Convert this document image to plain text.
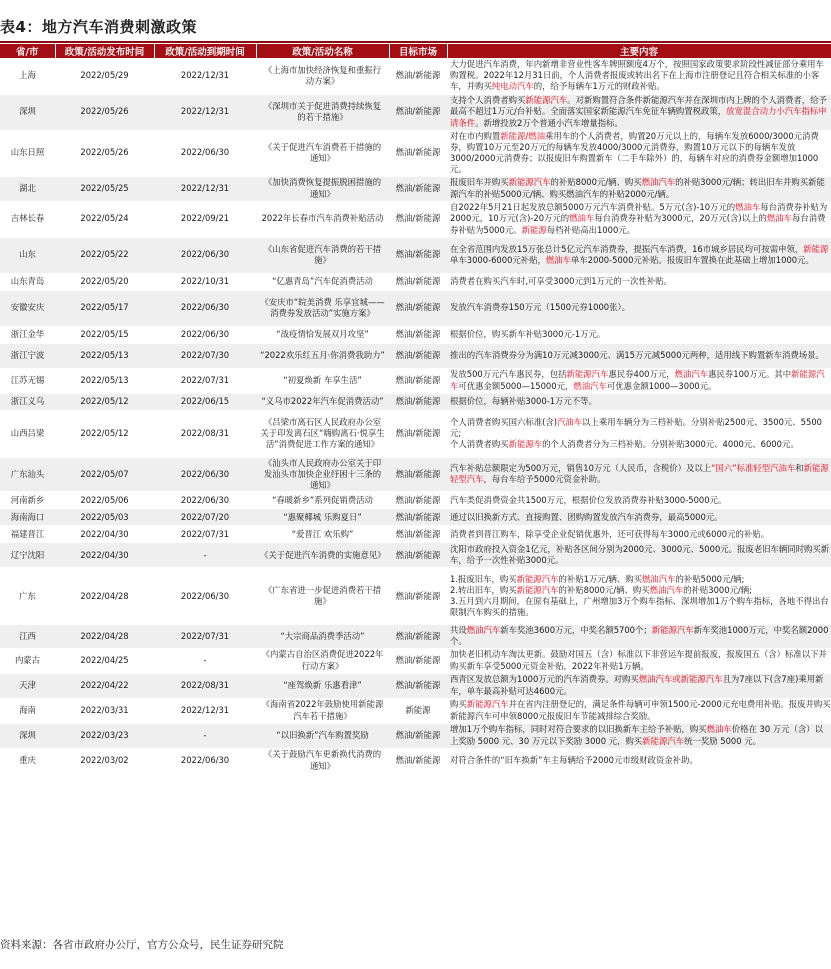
表4：地方汽车消费刺激政策
省/市	政策/活动发布时间	政策/活动到期时间	政策/活动名称	目标市场	主要内容
上海	2022/05/29	2022/12/31	《上海市加快经济恢复和重振行动方案》	燃油/新能源	大力促进汽车消费，年内新增非营业性客车牌照额度4万个，按照国家政策要求阶段性减征部分乘用车购置税。2022年12月31日前，个人消费者报废或转出名下在上海市注册登记且符合相关标准的小客车，并购买纯电动汽车的，给予每辆车1万元的财政补贴。
深圳	2022/05/26	2022/12/31	《深圳市关于促进消费持续恢复的若干措施》	燃油/新能源	支持个人消费者购买新能源汽车。对新购置符合条件新能源汽车并在深圳市内上牌的个人消费者，给予最高不超过1万元/台补贴。全面落实国家新能源汽车免征车辆购置税政策，放宽混合动力小汽车指标申请条件。新增投放2万个普通小汽车增量指标。
山东日照	2022/05/26	2022/06/30	《关于促进汽车消费若干措施的通知》	燃油/新能源	对在市内购置新能源/燃油乘用车的个人消费者，购置20万元以上的，每辆车发放6000/3000元消费券，购置10万元至20万元的每辆车发放4000/3000元消费券，购置10万元以下的每辆车发放3000/2000元消费券；以报废旧车购置新车（二手车除外）的，每辆车对应的消费券金额增加1000元。
湖北	2022/05/25	2022/12/31	《加快消费恢复提振脱困措施的通知》	燃油/新能源	报废旧车并购买新能源汽车的补贴8000元/辆、购买燃油汽车的补贴3000元/辆；转出旧车并购买新能源汽车的补贴5000元/辆、购买燃油汽车的补贴2000元/辆。
吉林长春	2022/05/24	2022/09/21	2022年长春市汽车消费补贴活动	燃油/新能源	自2022年5月21日起发放总额5000万元汽车消费补贴。5万元(含)-10万元的燃油车每台消费券补贴为2000元，10万元(含)-20万元的燃油车每台消费券补贴为3000元，20万元(含)以上的燃油车每台消费券补贴为5000元。新能源每档补贴高出1000元。
山东	2022/05/22	2022/06/30	《山东省促进汽车消费的若干措施》	燃油/新能源	在全省范围内发放15万张总计5亿元汽车消费券，提振汽车消费，16市城乡居民均可按需申领，新能源单车3000-6000元补贴，燃油车单车2000-5000元补贴。报废旧车置换在此基础上增加1000元。
山东青岛	2022/05/20	2022/10/31	“亿惠青岛”汽车促消费活动	燃油/新能源	消费者在购买汽车时,可享受3000元到1万元的一次性补贴。
安徽安庆	2022/05/17	2022/06/30	《安庆市“皖美消费 乐享宜城——消费券发放活动”实施方案》	燃油/新能源	发放汽车消费券150万元（1500元券1000张）。
浙江金华	2022/05/15	2022/06/30	“战疫情恰发展双月攻坚”	燃油/新能源	根据价位，购买新车补贴3000元-1万元。
浙江宁波	2022/05/13	2022/07/30	“2022欢乐红五月·你消费我助力”	燃油/新能源	推出的汽车消费券分为满10万元减3000元、满15万元减5000元两种，适用线下购置新车消费场景。
江苏无锡	2022/05/13	2022/07/31	“初夏焕新 车享生活”	燃油/新能源	发放500万元汽车惠民券，包括新能源汽车惠民券400万元，燃油汽车惠民券100万元。其中新能源汽车可优惠金额5000—15000元，燃油汽车可优惠金额1000—3000元。
浙江义乌	2022/05/12	2022/06/15	“义乌市2022年汽车促消费活动”	燃油/新能源	根据价位，每辆补贴3000-1万元不等。
山西吕梁	2022/05/12	2022/08/31	《吕梁市离石区人民政府办公室关于印发离石区“嗨购离石·悦享生活”消费促进工作方案的通知》	燃油/新能源	个人消费者购买国六标准(含)汽油车以上乘用车辆分为三档补贴。分别补贴2500元、3500元、5500元;
个人消费者购买新能源车的个人消费者分为三档补贴。分别补贴3000元、4000元、6000元。
广东汕头	2022/05/07	2022/06/30	《汕头市人民政府办公室关于印发汕头市加快企业纾困十三条的通知》	燃油/新能源	汽车补贴总额限定为500万元，销售10万元（人民币，含税价）及以上“国六”标准轻型汽油车和新能源轻型汽车，每台车给予5000元资金补助。
河南新乡	2022/05/06	2022/06/30	“春暖新乡”系列促销费活动	燃油/新能源	汽车类促消费资金共1500万元，根据价位发放消费券补贴3000-5000元。
海南海口	2022/05/03	2022/07/20	“惠聚椰城 乐购夏日”	燃油/新能源	通过以旧换新方式、直接购置、团购购置发放汽车消费券，最高5000元。
福建晋江	2022/04/30	2022/07/31	“爱晋江 欢乐购”	燃油/新能源	消费者到晋江购车，除享受企业促销优惠外，还可获得每车3000元或6000元的补贴。
辽宁沈阳	2022/04/30	-	《关于促进汽车消费的实施意见》	燃油/新能源	沈阳市政府投入资金1亿元，补贴各区间分别为2000元、3000元、5000元。报废老旧车辆同时购买新车，给予一次性补贴3000元。
广东	2022/04/28	2022/06/30	《广东省进一步促进消费若干措施》	燃油/新能源	1.报废旧车，购买新能源汽车的补贴1万元/辆、购买燃油汽车的补贴5000元/辆;
2.转出旧车，购买新能源汽车的补贴8000元/辆、购买燃油汽车的补贴3000元/辆;
3.五月到六月期间，在原有基础上，广州增加3万个购车指标、深圳增加1万个购车指标，各地不得出台限制汽车购买的措施。
江西	2022/04/28	2022/07/31	“大宗商品消费季活动”	燃油/新能源	共设燃油汽车新车奖池3600万元，中奖名额5700个；新能源汽车新车奖池1000万元，中奖名额2000个。
内蒙古	2022/04/25	-	《内蒙古自治区消费促进2022年行动方案》	燃油/新能源	加快老旧机动车淘汰更新。鼓励对国五（含）标准以下非营运车提前报废，报废国五（含）标准以下并购买新车享受5000元资金补贴，2022年补贴1万辆。
天津	2022/04/22	2022/08/31	“座驾焕新 乐惠看津”	燃油/新能源	西青区发放总额为1000万元的汽车消费券。对购买燃油汽车或新能源汽车且为7座以下(含7座)乘用新车，单车最高补贴可达4600元。
海南	2022/03/31	2022/12/31	《海南省2022年鼓励使用新能源汽车若干措施》	新能源	购买新能源汽车并在省内注册登记的，满足条件每辆可申领1500元-2000元充电费用补贴。报废并购买新能源汽车可申领8000元报废旧车节能减排综合奖励。
深圳	2022/03/23	-	“以旧换新”汽车购置奖励	燃油/新能源	增加1万个购车指标，同时对符合要求的以旧换新车主给予补贴，购买燃油车价格在 30 万元（含）以上奖励 5000 元、30 万元以下奖励 3000 元，购买新能源汽车统一奖励 5000 元。
重庆	2022/03/02	2022/06/30	《关于鼓励汽车更新换代消费的通知》	燃油/新能源	对符合条件的“旧车换新”车主每辆给予2000元市级财政资金补助。
资料来源：各省市政府办公厅，官方公众号，民生证券研究院
